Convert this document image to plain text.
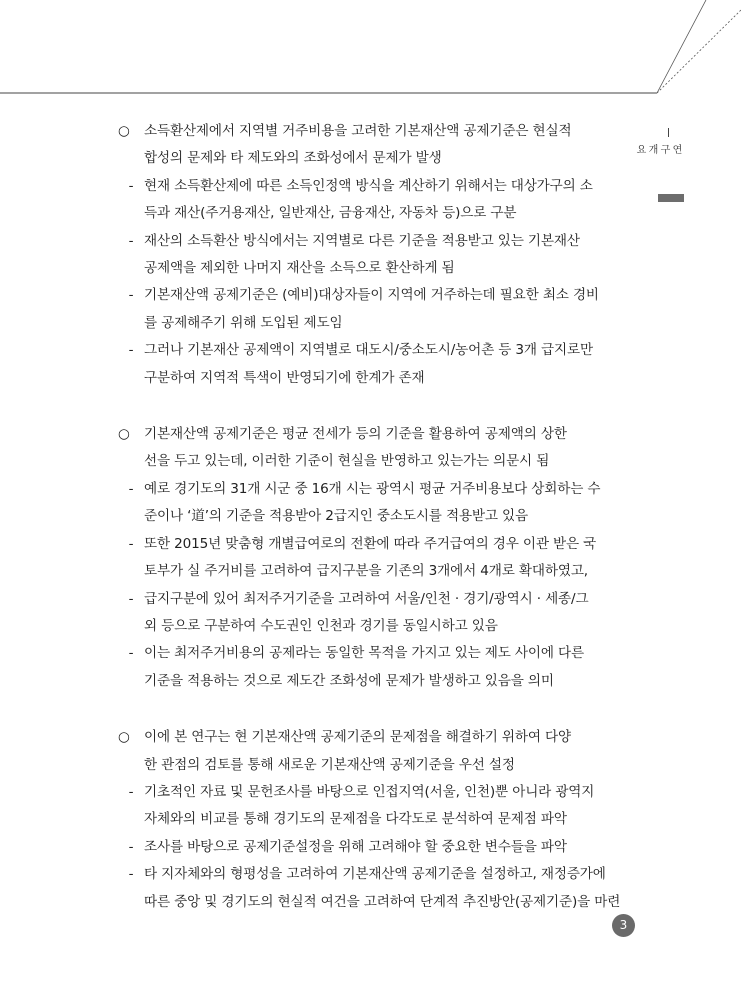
연구개요
○ 소득환산제에서 지역별 거주비용을 고려한 기본재산액 공제기준은 현실적
합성의 문제와 타 제도와의 조화성에서 문제가 발생
- 현재 소득환산제에 따른 소득인정액 방식을 계산하기 위해서는 대상가구의 소
득과 재산(주거용재산, 일반재산, 금융재산, 자동차 등)으로 구분
- 재산의 소득환산 방식에서는 지역별로 다른 기준을 적용받고 있는 기본재산
공제액을 제외한 나머지 재산을 소득으로 환산하게 됨
- 기본재산액 공제기준은 (예비)대상자들이 지역에 거주하는데 필요한 최소 경비
를 공제해주기 위해 도입된 제도임
- 그러나 기본재산 공제액이 지역별로 대도시/중소도시/농어촌 등 3개 급지로만
구분하여 지역적 특색이 반영되기에 한계가 존재
○ 기본재산액 공제기준은 평균 전세가 등의 기준을 활용하여 공제액의 상한
선을 두고 있는데, 이러한 기준이 현실을 반영하고 있는가는 의문시 됨
- 예로 경기도의 31개 시군 중 16개 시는 광역시 평균 거주비용보다 상회하는 수
준이나 ‘道’의 기준을 적용받아 2급지인 중소도시를 적용받고 있음
- 또한 2015년 맞춤형 개별급여로의 전환에 따라 주거급여의 경우 이관 받은 국
토부가 실 주거비를 고려하여 급지구분을 기존의 3개에서 4개로 확대하였고,
- 급지구분에 있어 최저주거기준을 고려하여 서울/인천 · 경기/광역시 · 세종/그
외 등으로 구분하여 수도권인 인천과 경기를 동일시하고 있음
- 이는 최저주거비용의 공제라는 동일한 목적을 가지고 있는 제도 사이에 다른
기준을 적용하는 것으로 제도간 조화성에 문제가 발생하고 있음을 의미
○ 이에 본 연구는 현 기본재산액 공제기준의 문제점을 해결하기 위하여 다양
한 관점의 검토를 통해 새로운 기본재산액 공제기준을 우선 설정
- 기초적인 자료 및 문헌조사를 바탕으로 인접지역(서울, 인천)뿐 아니라 광역지
자체와의 비교를 통해 경기도의 문제점을 다각도로 분석하여 문제점 파악
- 조사를 바탕으로 공제기준설정을 위해 고려해야 할 중요한 변수들을 파악
- 타 지자체와의 형평성을 고려하여 기본재산액 공제기준을 설정하고, 재정증가에
따른 중앙 및 경기도의 현실적 여건을 고려하여 단계적 추진방안(공제기준)을 마련
3
